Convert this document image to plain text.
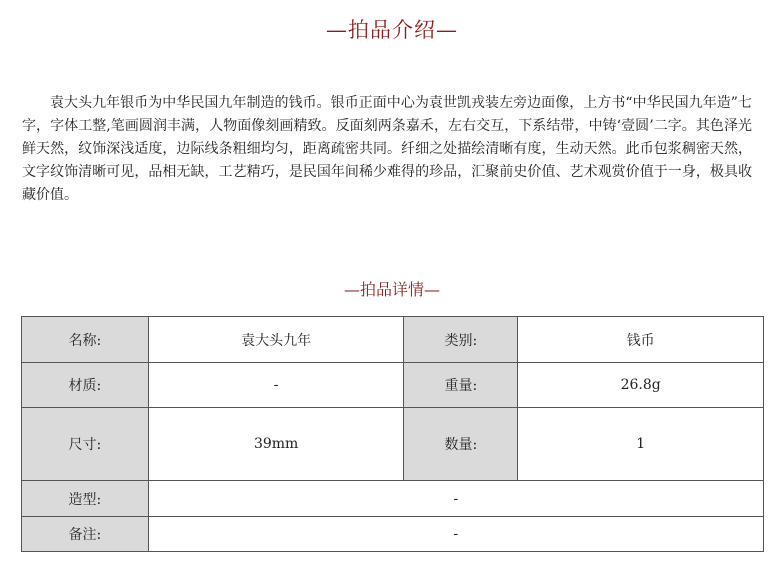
—拍品介绍—

袁大头九年银币为中华民国九年制造的钱币。银币正面中心为袁世凯戎装左旁边面像，上方书“中华民国九年造”七字，字体工整,笔画圆润丰满，人物面像刻画精致。反面刻两条嘉禾，左右交互，下系结带，中铸‘壹圆’二字。其色泽光鲜天然，纹饰深浅适度，边际线条粗细均匀，距离疏密共同。纤细之处描绘清晰有度，生动天然。此币包浆稠密天然，文字纹饰清晰可见，品相无缺，工艺精巧，是民国年间稀少难得的珍品，汇聚前史价值、艺术观赏价值于一身，极具收藏价值。

—拍品详情—
名称:	袁大头九年	类别:	钱币
材质:	-	重量:	26.8g
尺寸:	39mm	数量:	1
造型:	-		
备注:	-		
